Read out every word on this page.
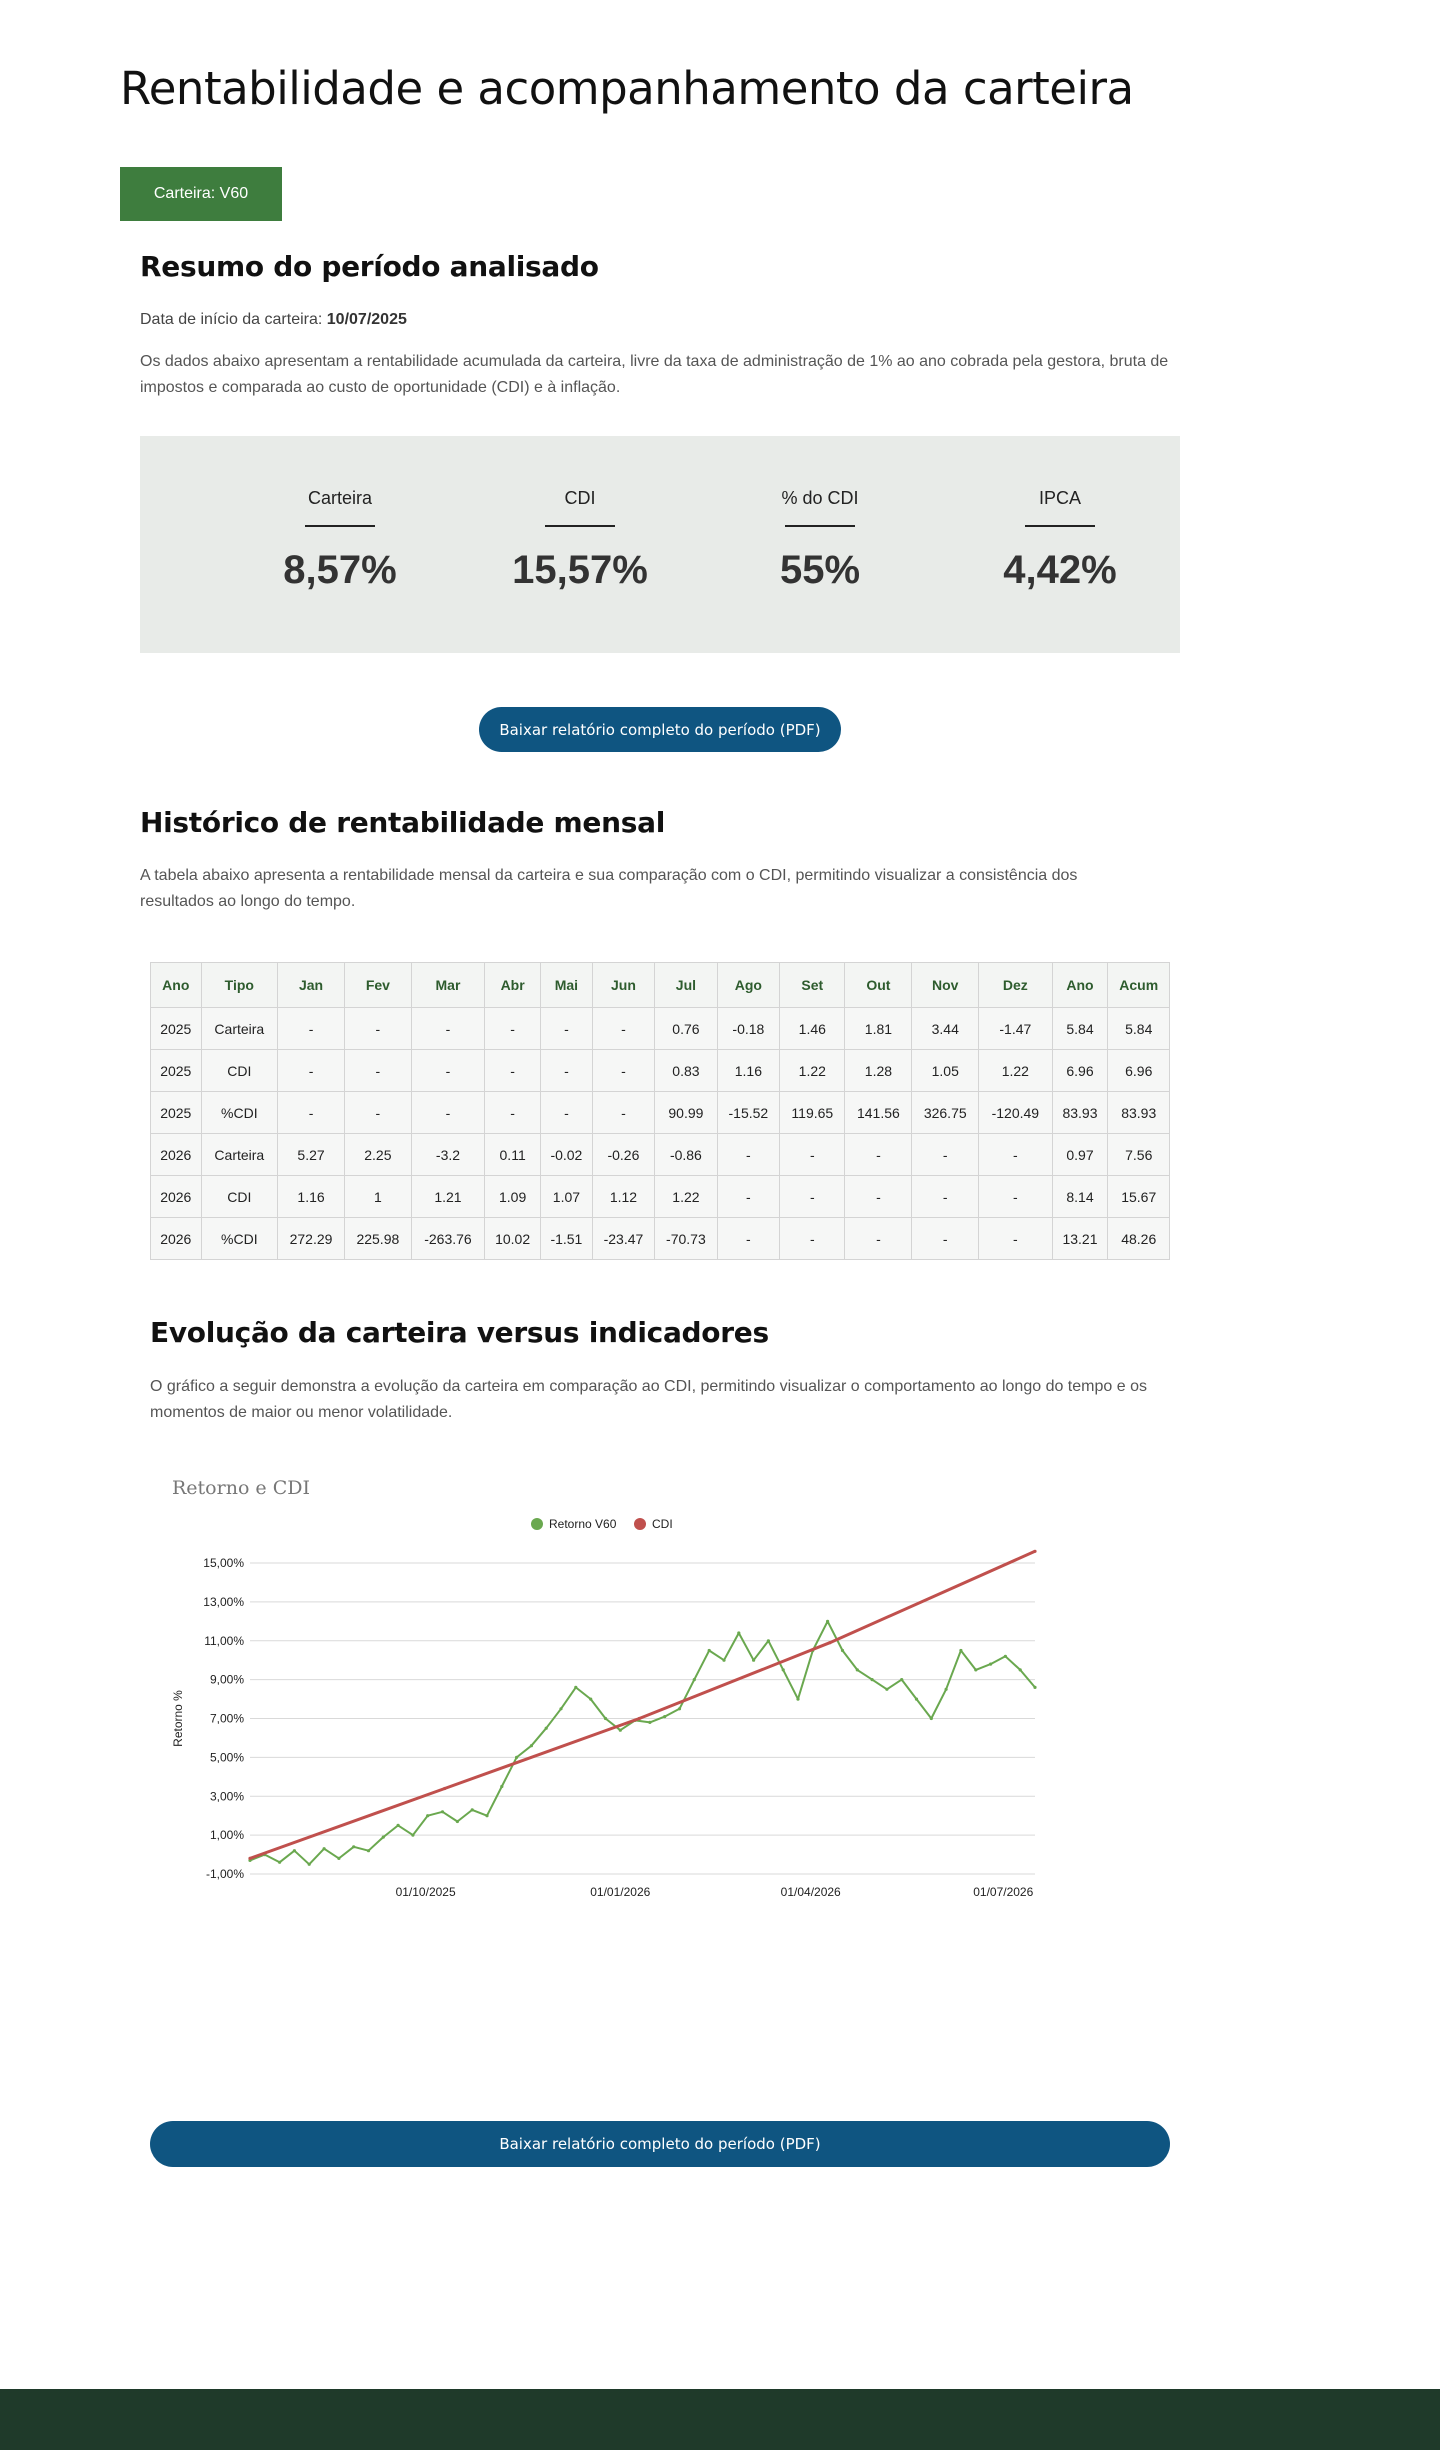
Rentabilidade e acompanhamento da carteira
Carteira: V60
Resumo do período analisado
Data de início da carteira: 10/07/2025

Os dados abaixo apresentam a rentabilidade acumulada da carteira, livre da taxa de administração de 1% ao ano cobrada pela gestora, bruta de impostos e comparada ao custo de oportunidade (CDI) e à inflação.

Carteira
8,57%
CDI
15,57%
% do CDI
55%
IPCA
4,42%
Baixar relatório completo do período (PDF)
Histórico de rentabilidade mensal

A tabela abaixo apresenta a rentabilidade mensal da carteira e sua comparação com o CDI, permitindo visualizar a consistência dos resultados ao longo do tempo.

Ano	Tipo	Jan	Fev	Mar	Abr	Mai	Jun	Jul	Ago	Set	Out	Nov	Dez	Ano	Acum
2025	Carteira	-	-	-	-	-	-	0.76	-0.18	1.46	1.81	3.44	-1.47	5.84	5.84
2025	CDI	-	-	-	-	-	-	0.83	1.16	1.22	1.28	1.05	1.22	6.96	6.96
2025	%CDI	-	-	-	-	-	-	90.99	-15.52	119.65	141.56	326.75	-120.49	83.93	83.93
2026	Carteira	5.27	2.25	-3.2	0.11	-0.02	-0.26	-0.86	-	-	-	-	-	0.97	7.56
2026	CDI	1.16	1	1.21	1.09	1.07	1.12	1.22	-	-	-	-	-	8.14	15.67
2026	%CDI	272.29	225.98	-263.76	10.02	-1.51	-23.47	-70.73	-	-	-	-	-	13.21	48.26
Evolução da carteira versus indicadores

O gráfico a seguir demonstra a evolução da carteira em comparação ao CDI, permitindo visualizar o comportamento ao longo do tempo e os momentos de maior ou menor volatilidade.

Retorno e CDI
Retorno V60	CDI
15,00%
13,00%
11,00%
9,00%
7,00%
5,00%
3,00%
1,00%
-1,00%
Retorno %
01/10/2025	01/01/2026	01/04/2026	01/07/2026
Baixar relatório completo do período (PDF)
